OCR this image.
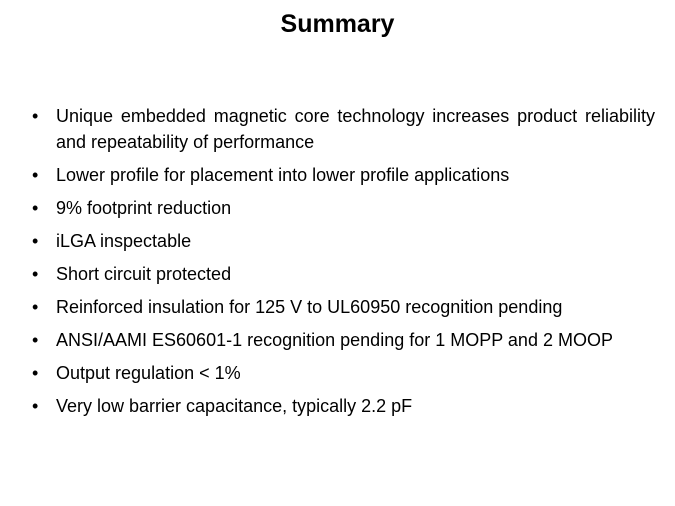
Summary
• Unique embedded magnetic core technology increases product reliability and repeatability of performance
• Lower profile for placement into lower profile applications
• 9% footprint reduction
• iLGA inspectable
• Short circuit protected
• Reinforced insulation for 125 V to UL60950 recognition pending
• ANSI/AAMI ES60601-1 recognition pending for 1 MOPP and 2 MOOP
• Output regulation < 1%
• Very low barrier capacitance, typically 2.2 pF
